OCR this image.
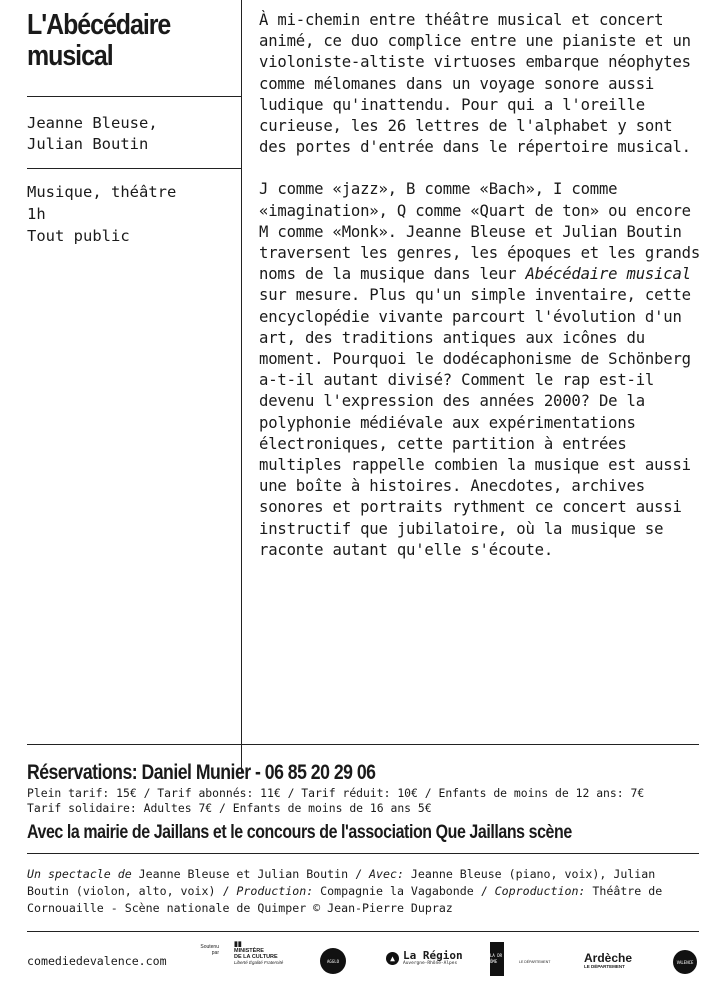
L'Abécédaire
musical
Jeanne Bleuse,
Julian Boutin
Musique, théâtre
1h
Tout public

À mi-chemin entre théâtre musical et concert animé, ce duo complice entre une pianiste et un violoniste-altiste virtuoses embarque néophytes comme mélomanes dans un voyage sonore aussi ludique qu'inattendu. Pour qui a l'oreille curieuse, les 26 lettres de l'alphabet y sont des portes d'entrée dans le répertoire musical.

J comme «jazz», B comme «Bach», I comme «imagination», Q comme «Quart de ton» ou encore M comme «Monk». Jeanne Bleuse et Julian Boutin traversent les genres, les époques et les grands noms de la musique dans leur Abécédaire musical sur mesure. Plus qu'un simple inventaire, cette encyclopédie vivante parcourt l'évolution d'un art, des traditions antiques aux icônes du moment. Pourquoi le dodécaphonisme de Schönberg a-t-il autant divisé? Comment le rap est-il devenu l'expression des années 2000? De la polyphonie médiévale aux expérimentations électroniques, cette partition à entrées multiples rappelle combien la musique est aussi une boîte à histoires. Anecdotes, archives sonores et portraits rythment ce concert aussi instructif que jubilatoire, où la musique se raconte autant qu'elle s'écoute.

Réservations: Daniel Munier - 06 85 20 29 06
Plein tarif: 15€ / Tarif abonnés: 11€ / Tarif réduit: 10€ / Enfants de moins de 12 ans: 7€
Tarif solidaire: Adultes 7€ / Enfants de moins de 16 ans 5€
Avec la mairie de Jaillans et le concours de l'association Que Jaillans scène
Un spectacle de Jeanne Bleuse et Julian Boutin / Avec: Jeanne Bleuse (piano, voix), Julian Boutin (violon, alto, voix) / Production: Compagnie la Vagabonde / Coproduction: Théâtre de Cornouaille - Scène nationale de Quimper © Jean-Pierre Dupraz
comediedevalence.com
Soutenu par
▮▮
MINISTÈRE
DE LA CULTURE
Liberté Égalité Fraternité	AGGLO	▲ La Région
Auvergne-Rhône-Alpes
LA DR ÔME	LE DÉPARTEMENT	Ardèche
LE DÉPARTEMENT
VALENCE
